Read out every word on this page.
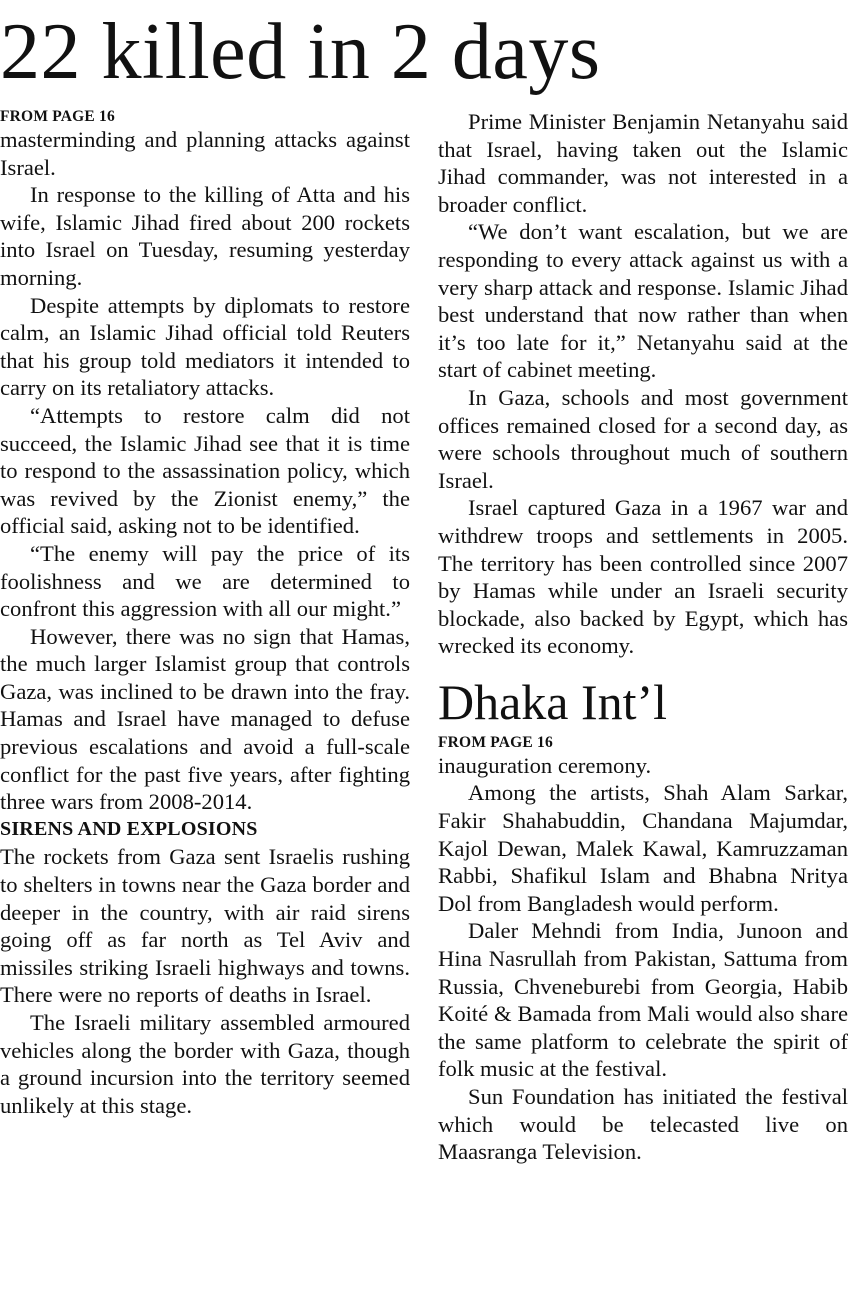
22 killed in 2 days
FROM PAGE 16

masterminding and planning attacks against Israel.

In response to the killing of Atta and his wife, Islamic Jihad fired about 200 rockets into Israel on Tuesday, resuming yesterday morning.

Despite attempts by diplomats to restore calm, an Islamic Jihad official told Reuters that his group told mediators it intended to carry on its retaliatory attacks.

“Attempts to restore calm did not succeed, the Islamic Jihad see that it is time to respond to the assassination policy, which was revived by the Zionist enemy,” the official said, asking not to be identified.

“The enemy will pay the price of its foolishness and we are determined to confront this aggression with all our might.”

However, there was no sign that Hamas, the much larger Islamist group that controls Gaza, was inclined to be drawn into the fray. Hamas and Israel have managed to defuse previous escalations and avoid a full-scale conflict for the past five years, after fighting three wars from 2008-2014.

SIRENS AND EXPLOSIONS

The rockets from Gaza sent Israelis rushing to shelters in towns near the Gaza border and deeper in the country, with air raid sirens going off as far north as Tel Aviv and missiles striking Israeli highways and towns. There were no reports of deaths in Israel.

The Israeli military assembled armoured vehicles along the border with Gaza, though a ground incursion into the territory seemed unlikely at this stage.

Prime Minister Benjamin Netanyahu said that Israel, having taken out the Islamic Jihad commander, was not interested in a broader conflict.

“We don’t want escalation, but we are responding to every attack against us with a very sharp attack and response. Islamic Jihad best understand that now rather than when it’s too late for it,” Netanyahu said at the start of cabinet meeting.

In Gaza, schools and most government offices remained closed for a second day, as were schools throughout much of southern Israel.

Israel captured Gaza in a 1967 war and withdrew troops and settlements in 2005. The territory has been controlled since 2007 by Hamas while under an Israeli security blockade, also backed by Egypt, which has wrecked its economy.

Dhaka Int’l
FROM PAGE 16

inauguration ceremony.

Among the artists, Shah Alam Sarkar, Fakir Shahabuddin, Chandana Majumdar, Kajol Dewan, Malek Kawal, Kamruzzaman Rabbi, Shafikul Islam and Bhabna Nritya Dol from Bangladesh would perform.

Daler Mehndi from India, Junoon and Hina Nasrullah from Pakistan, Sattuma from Russia, Chveneburebi from Georgia, Habib Koité & Bamada from Mali would also share the same platform to celebrate the spirit of folk music at the festival.

Sun Foundation has initiated the festival which would be telecasted live on Maasranga Television.
